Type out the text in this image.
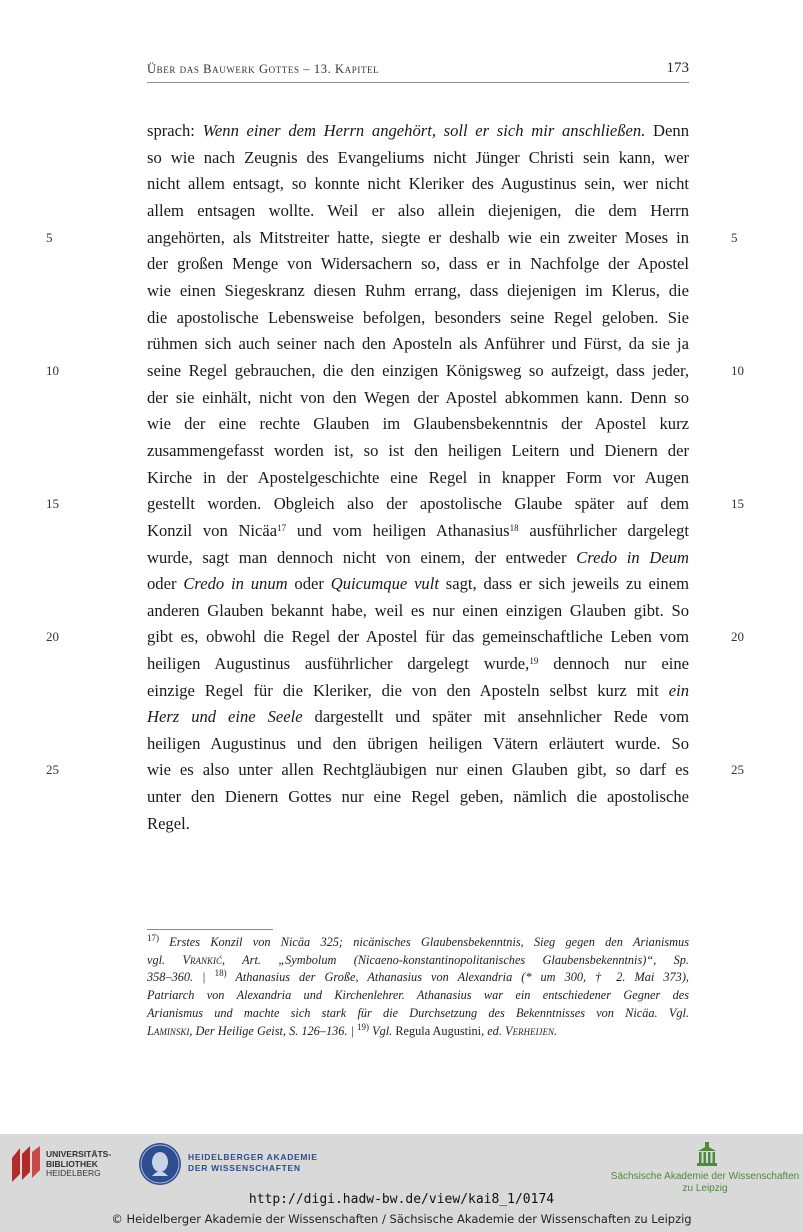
Über das Bauwerk Gottes – 13. Kapitel	173
5	5
10	10
15	15
20	20
25	25
sprach: Wenn einer dem Herrn angehört, soll er sich mir anschließen. Denn
so wie nach Zeugnis des Evangeliums nicht Jünger Christi sein kann, wer
nicht allem entsagt, so konnte nicht Kleriker des Augustinus sein, wer nicht
allem entsagen wollte. Weil er also allein diejenigen, die dem Herrn
angehörten, als Mitstreiter hatte, siegte er deshalb wie ein zweiter Moses in
der großen Menge von Widersachern so, dass er in Nachfolge der Apostel
wie einen Siegeskranz diesen Ruhm errang, dass diejenigen im Klerus, die
die apostolische Lebensweise befolgen, besonders seine Regel geloben. Sie
rühmen sich auch seiner nach den Aposteln als Anführer und Fürst, da sie ja
seine Regel gebrauchen, die den einzigen Königsweg so aufzeigt, dass jeder,
der sie einhält, nicht von den Wegen der Apostel abkommen kann. Denn so
wie der eine rechte Glauben im Glaubensbekenntnis der Apostel kurz
zusammengefasst worden ist, so ist den heiligen Leitern und Dienern der
Kirche in der Apostelgeschichte eine Regel in knapper Form vor Augen
gestellt worden. Obgleich also der apostolische Glaube später auf dem
Konzil von Nicäa$^{17}$ und vom heiligen Athanasius$^{18}$ ausführlicher dargelegt
wurde, sagt man dennoch nicht von einem, der entweder Credo in Deum
oder Credo in unum oder Quicumque vult sagt, dass er sich jeweils zu einem
anderen Glauben bekannt habe, weil es nur einen einzigen Glauben gibt. So
gibt es, obwohl die Regel der Apostel für das gemeinschaftliche Leben vom
heiligen Augustinus ausführlicher dargelegt wurde,$^{19}$ dennoch nur eine
einzige Regel für die Kleriker, die von den Aposteln selbst kurz mit ein
Herz und eine Seele dargestellt und später mit ansehnlicher Rede vom
heiligen Augustinus und den übrigen heiligen Vätern erläutert wurde. So
wie es also unter allen Rechtgläubigen nur einen Glauben gibt, so darf es
unter den Dienern Gottes nur eine Regel geben, nämlich die apostolische
Regel.
$^{17)}$ Erstes Konzil von Nicäa 325; nicänisches Glaubensbekenntnis, Sieg gegen den Arianismus
vgl. Vrankić, Art. „Symbolum (Nicaeno-konstantinopolitanisches Glaubensbekenntnis)“, Sp.
358–360. | $^{18)}$ Athanasius der Große, Athanasius von Alexandria (* um 300, † 2. Mai 373),
Patriarch von Alexandria und Kirchenlehrer. Athanasius war ein entschiedener Gegner des
Arianismus und machte sich stark für die Durchsetzung des Bekenntnisses von Nicäa. Vgl.
Laminski, Der Heilige Geist, S. 126–136. | $^{19)}$ Vgl. Regula Augustini, ed. Verheijen.
UNIVERSITÄTS-
BIBLIOTHEK
HEIDELBERG
HEIDELBERGER AKADEMIE
DER WISSENSCHAFTEN
Sächsische Akademie der Wissenschaften
zu Leipzig
http://digi.hadw-bw.de/view/kai8_1/0174
© Heidelberger Akademie der Wissenschaften / Sächsische Akademie der Wissenschaften zu Leipzig
